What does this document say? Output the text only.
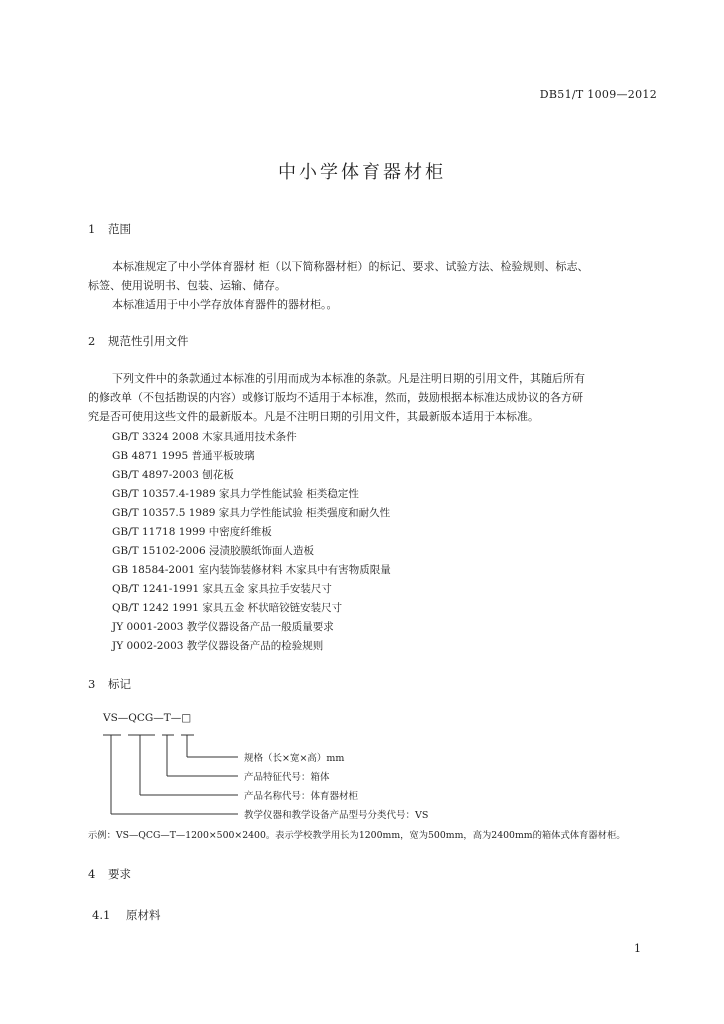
DB51/T 1009—2012
中小学体育器材柜
1 范围
本标准规定了中小学体育器材 柜（以下简称器材柜）的标记、要求、试验方法、检验规则、标志、
标签、使用说明书、包装、运输、储存。
本标准适用于中小学存放体育器件的器材柜。。
2 规范性引用文件
下列文件中的条款通过本标准的引用而成为本标准的条款。凡是注明日期的引用文件，其随后所有
的修改单（不包括勘误的内容）或修订版均不适用于本标准，然而，鼓励根据本标准达成协议的各方研
究是否可使用这些文件的最新版本。凡是不注明日期的引用文件，其最新版本适用于本标准。
GB/T 3324 2008 木家具通用技术条件
GB 4871 1995 普通平板玻璃
GB/T 4897-2003 刨花板
GB/T 10357.4-1989 家具力学性能试验 柜类稳定性
GB/T 10357.5 1989 家具力学性能试验 柜类强度和耐久性
GB/T 11718 1999 中密度纤维板
GB/T 15102-2006 浸渍胶膜纸饰面人造板
GB 18584-2001 室内装饰装修材料 木家具中有害物质限量
QB/T 1241-1991 家具五金 家具拉手安装尺寸
QB/T 1242 1991 家具五金 杯状暗铰链安装尺寸
JY 0001-2003 教学仪器设备产品一般质量要求
JY 0002-2003 教学仪器设备产品的检验规则
3 标记
VS—QCG—T—□
规格（长×宽×高）mm
产品特征代号：箱体
产品名称代号：体育器材柜
教学仪器和教学设备产品型号分类代号：VS
示例：VS—QCG—T—1200×500×2400。表示学校教学用长为1200mm，宽为500mm，高为2400mm的箱体式体育器材柜。
4 要求
4.1 原材料
1
